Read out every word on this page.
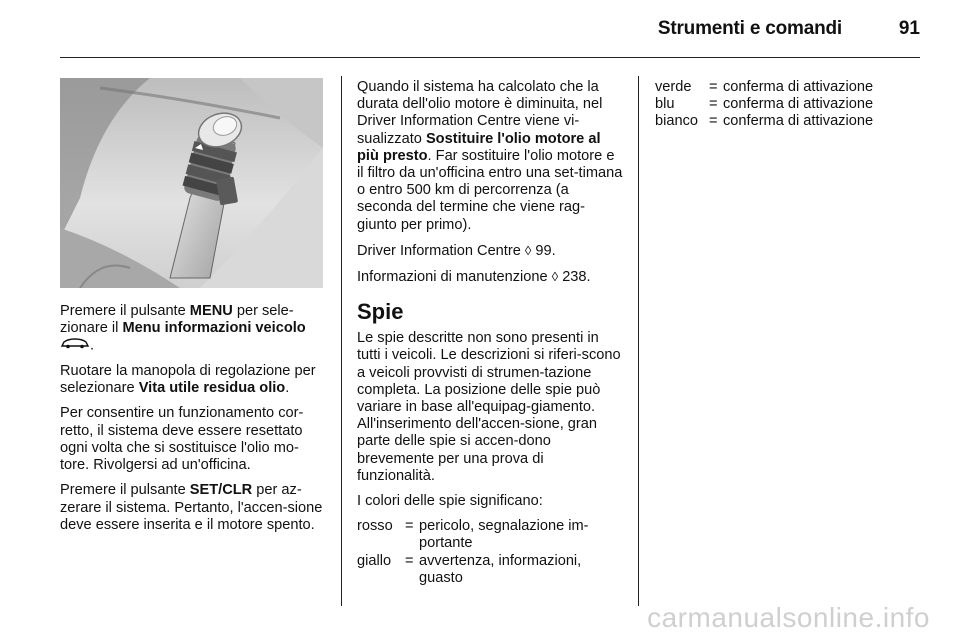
Strumenti e comandi	91

Premere il pulsante MENU per sele-
zionare il Menu informazioni veicolo
.

Ruotare la manopola di regolazione per selezionare Vita utile residua olio.

Per consentire un funzionamento cor-retto, il sistema deve essere resettato ogni volta che si sostituisce l'olio mo-tore. Rivolgersi ad un'officina.

Premere il pulsante SET/CLR per az-zerare il sistema. Pertanto, l'accen-sione deve essere inserita e il motore spento.

Quando il sistema ha calcolato che la durata dell'olio motore è diminuita, nel Driver Information Centre viene vi-sualizzato Sostituire l'olio motore al più presto. Far sostituire l'olio motore e il filtro da un'officina entro una set-timana o entro 500 km di percorrenza (a seconda del termine che viene rag-giunto per primo).

Driver Information Centre ◊ 99.

Informazioni di manutenzione ◊ 238.

Spie

Le spie descritte non sono presenti in tutti i veicoli. Le descrizioni si riferi-scono a veicoli provvisti di strumen-tazione completa. La posizione delle spie può variare in base all'equipag-giamento. All'inserimento dell'accen-sione, gran parte delle spie si accen-dono brevemente per una prova di funzionalità.

I colori delle spie significano:

rosso	=	pericolo, segnalazione im-portante
giallo	=	avvertenza, informazioni, guasto
verde	=	conferma di attivazione
blu	=	conferma di attivazione
bianco	=	conferma di attivazione
carmanualsonline.info
